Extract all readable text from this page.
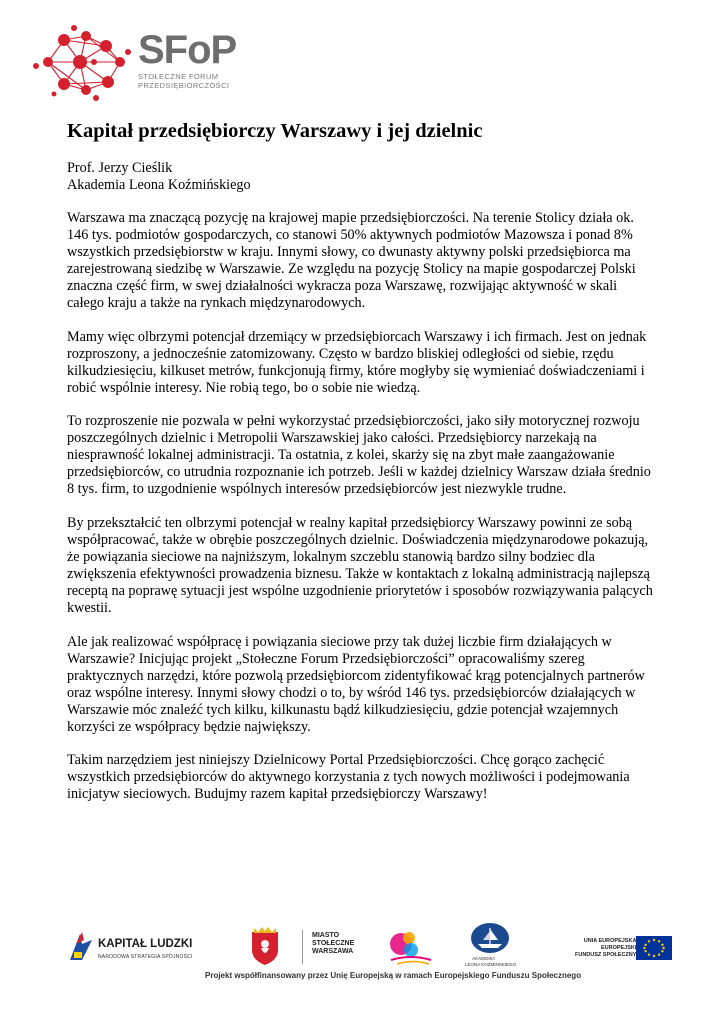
SFoP
STOŁECZNE FORUM
PRZEDSIĘBIORCZOŚCI
Kapitał przedsiębiorczy Warszawy i jej dzielnic
Prof. Jerzy Cieślik
Akademia Leona Koźmińskiego
Warszawa ma znaczącą pozycję na krajowej mapie przedsiębiorczości. Na terenie Stolicy działa ok.
146 tys. podmiotów gospodarczych, co stanowi 50% aktywnych podmiotów Mazowsza i ponad 8%
wszystkich przedsiębiorstw w kraju. Innymi słowy, co dwunasty aktywny polski przedsiębiorca ma
zarejestrowaną siedzibę w Warszawie. Ze względu na pozycję Stolicy na mapie gospodarczej Polski
znaczna część firm, w swej działalności wykracza poza Warszawę, rozwijając aktywność w skali
całego kraju a także na rynkach międzynarodowych.
Mamy więc olbrzymi potencjał drzemiący w przedsiębiorcach Warszawy i ich firmach. Jest on jednak
rozproszony, a jednocześnie zatomizowany. Często w bardzo bliskiej odległości od siebie, rzędu
kilkudziesięciu, kilkuset metrów, funkcjonują firmy, które mogłyby się wymieniać doświadczeniami i
robić wspólnie interesy. Nie robią tego, bo o sobie nie wiedzą.
To rozproszenie nie pozwala w pełni wykorzystać przedsiębiorczości, jako siły motorycznej rozwoju
poszczególnych dzielnic i Metropolii Warszawskiej jako całości. Przedsiębiorcy narzekają na
niesprawność lokalnej administracji. Ta ostatnia, z kolei, skarży się na zbyt małe zaangażowanie
przedsiębiorców, co utrudnia rozpoznanie ich potrzeb. Jeśli w każdej dzielnicy Warszaw działa średnio
8 tys. firm, to uzgodnienie wspólnych interesów przedsiębiorców jest niezwykle trudne.
By przekształcić ten olbrzymi potencjał w realny kapitał przedsiębiorcy Warszawy powinni ze sobą
współpracować, także w obrębie poszczególnych dzielnic. Doświadczenia międzynarodowe pokazują,
że powiązania sieciowe na najniższym, lokalnym szczeblu stanowią bardzo silny bodziec dla
zwiększenia efektywności prowadzenia biznesu. Także w kontaktach z lokalną administracją najlepszą
receptą na poprawę sytuacji jest wspólne uzgodnienie priorytetów i sposobów rozwiązywania palących
kwestii.
Ale jak realizować współpracę i powiązania sieciowe przy tak dużej liczbie firm działających w
Warszawie? Inicjując projekt „Stołeczne Forum Przedsiębiorczości” opracowaliśmy szereg
praktycznych narzędzi, które pozwolą przedsiębiorcom zidentyfikować krąg potencjalnych partnerów
oraz wspólne interesy. Innymi słowy chodzi o to, by wśród 146 tys. przedsiębiorców działających w
Warszawie móc znaleźć tych kilku, kilkunastu bądź kilkudziesięciu, gdzie potencjał wzajemnych
korzyści ze współpracy będzie największy.
Takim narzędziem jest niniejszy Dzielnicowy Portal Przedsiębiorczości. Chcę gorąco zachęcić
wszystkich przedsiębiorców do aktywnego korzystania z tych nowych możliwości i podejmowania
inicjatyw sieciowych. Budujmy razem kapitał przedsiębiorczy Warszawy!
KAPITAŁ LUDZKI
NARODOWA STRATEGIA SPÓJNOŚCI
MIASTO
STOŁECZNE
WARSZAWA
AKADEMIA
LEONA KOŹMIŃSKIEGO
UNIA EUROPEJSKA
EUROPEJSKI
FUNDUSZ SPOŁECZNY
Projekt współfinansowany przez Unię Europejską w ramach Europejskiego Funduszu Społecznego
